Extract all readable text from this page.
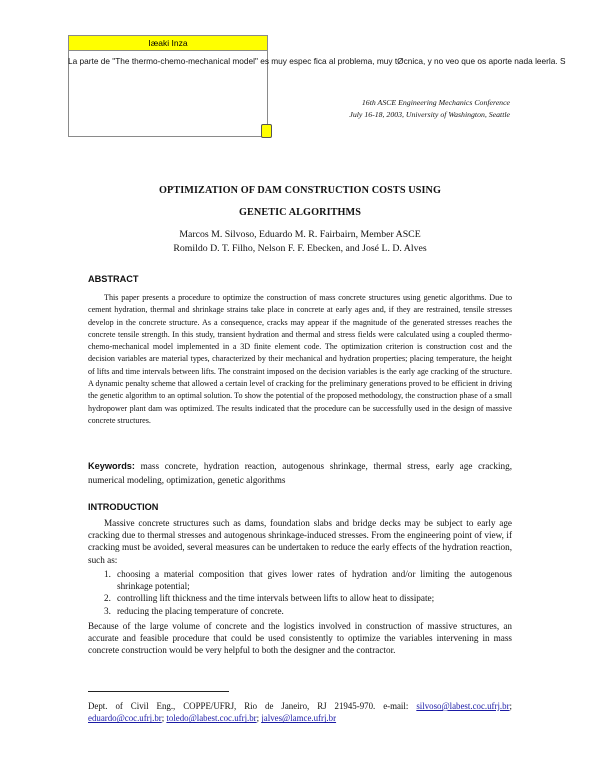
Iæaki Inza
La parte de "The thermo-chemo-mechanical model" es muy espec fica al problema, muy tØcnica, y no veo que os aporte nada leerla. S
16th ASCE Engineering Mechanics Conference
July 16-18, 2003, University of Washington, Seattle
OPTIMIZATION OF DAM CONSTRUCTION COSTS USING
GENETIC ALGORITHMS
Marcos M. Silvoso, Eduardo M. R. Fairbairn, Member ASCE
Romildo D. T. Filho, Nelson F. F. Ebecken, and José L. D. Alves
ABSTRACT

This paper presents a procedure to optimize the construction of mass concrete structures using genetic algorithms. Due to cement hydration, thermal and shrinkage strains take place in concrete at early ages and, if they are restrained, tensile stresses develop in the concrete structure. As a consequence, cracks may appear if the magnitude of the generated stresses reaches the concrete tensile strength. In this study, transient hydration and thermal and stress fields were calculated using a coupled thermo-chemo-mechanical model implemented in a 3D finite element code. The optimization criterion is construction cost and the decision variables are material types, characterized by their mechanical and hydration properties; placing temperature, the height of lifts and time intervals between lifts. The constraint imposed on the decision variables is the early age cracking of the structure. A dynamic penalty scheme that allowed a certain level of cracking for the preliminary generations proved to be efficient in driving the genetic algorithm to an optimal solution. To show the potential of the proposed methodology, the construction phase of a small hydropower plant dam was optimized. The results indicated that the procedure can be successfully used in the design of massive concrete structures.

Keywords: mass concrete, hydration reaction, autogenous shrinkage, thermal stress, early age cracking, numerical modeling, optimization, genetic algorithms

INTRODUCTION

Massive concrete structures such as dams, foundation slabs and bridge decks may be subject to early age cracking due to thermal stresses and autogenous shrinkage-induced stresses. From the engineering point of view, if cracking must be avoided, several measures can be undertaken to reduce the early effects of the hydration reaction, such as:

1. choosing a material composition that gives lower rates of hydration and/or limiting the autogenous shrinkage potential;
2. controlling lift thickness and the time intervals between lifts to allow heat to dissipate;
3. reducing the placing temperature of concrete.

Because of the large volume of concrete and the logistics involved in construction of massive structures, an accurate and feasible procedure that could be used consistently to optimize the variables intervening in mass concrete construction would be very helpful to both the designer and the contractor.

Dept. of Civil Eng., COPPE/UFRJ, Rio de Janeiro, RJ 21945-970. e-mail: silvoso@labest.coc.ufrj.br; eduardo@coc.ufrj.br; toledo@labest.coc.ufrj.br; jalves@lamce.ufrj.br
